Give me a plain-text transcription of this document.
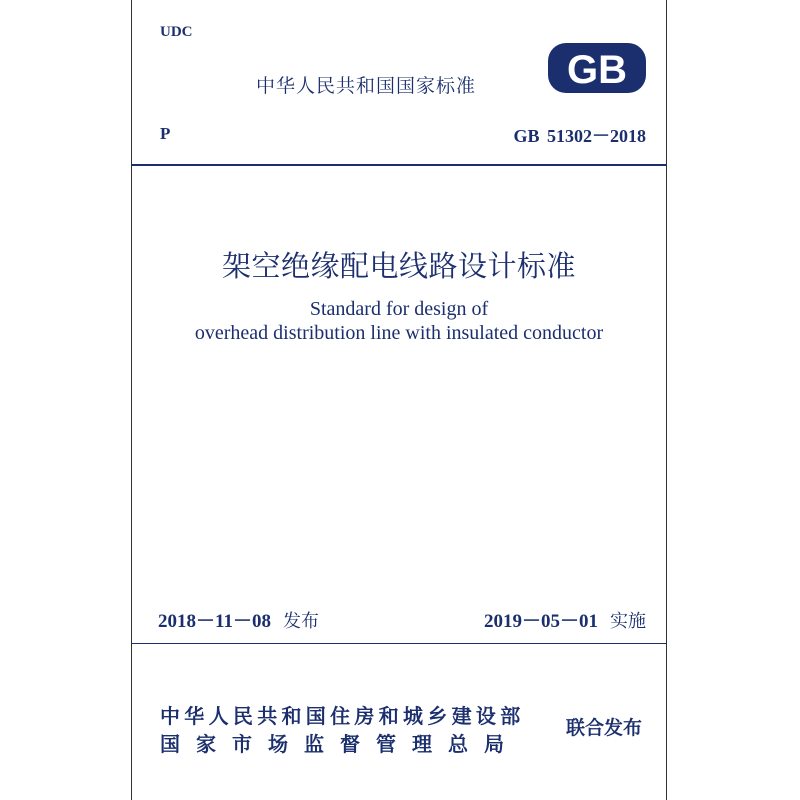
UDC
中华人民共和国国家标准 GB
P	GB 51302－2018
架空绝缘配电线路设计标准
Standard for design of
overhead distribution line with insulated conductor
2018－11－08 发布	2019－05－01 实施
中华人民共和国住房和城乡建设部
国家市场监督管理总局
联合发布
